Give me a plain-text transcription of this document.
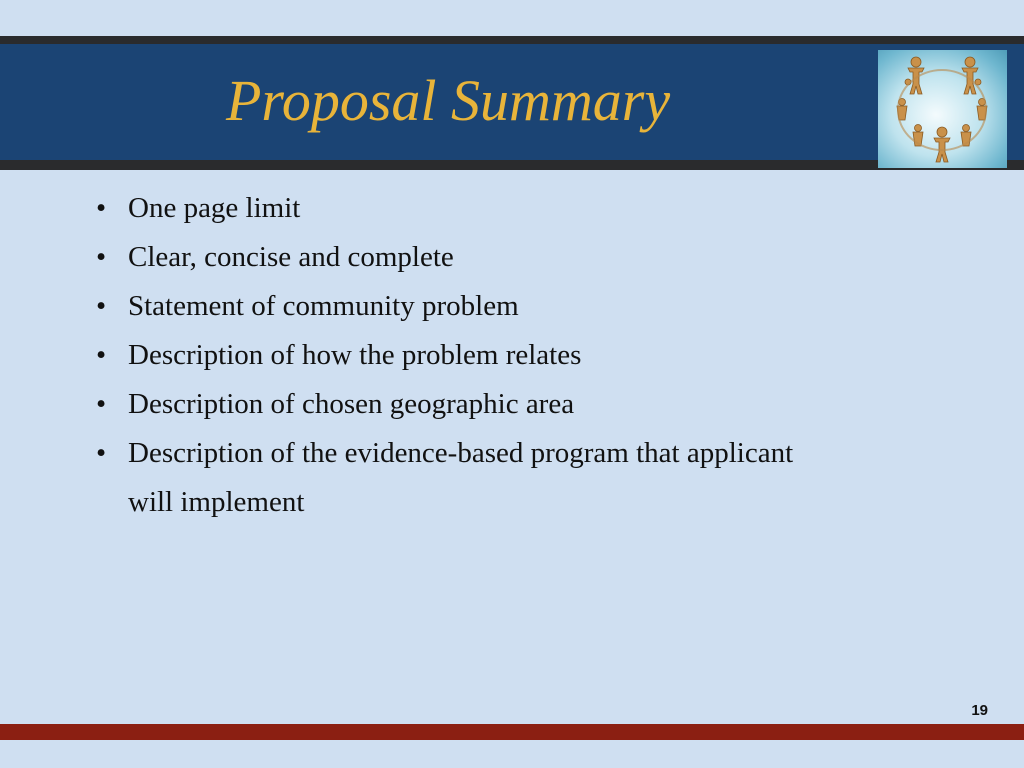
Proposal Summary
• One page limit
• Clear, concise and complete
• Statement of community problem
• Description of how the problem relates
• Description of chosen geographic area
• Description of the evidence-based program that applicant will implement
19
